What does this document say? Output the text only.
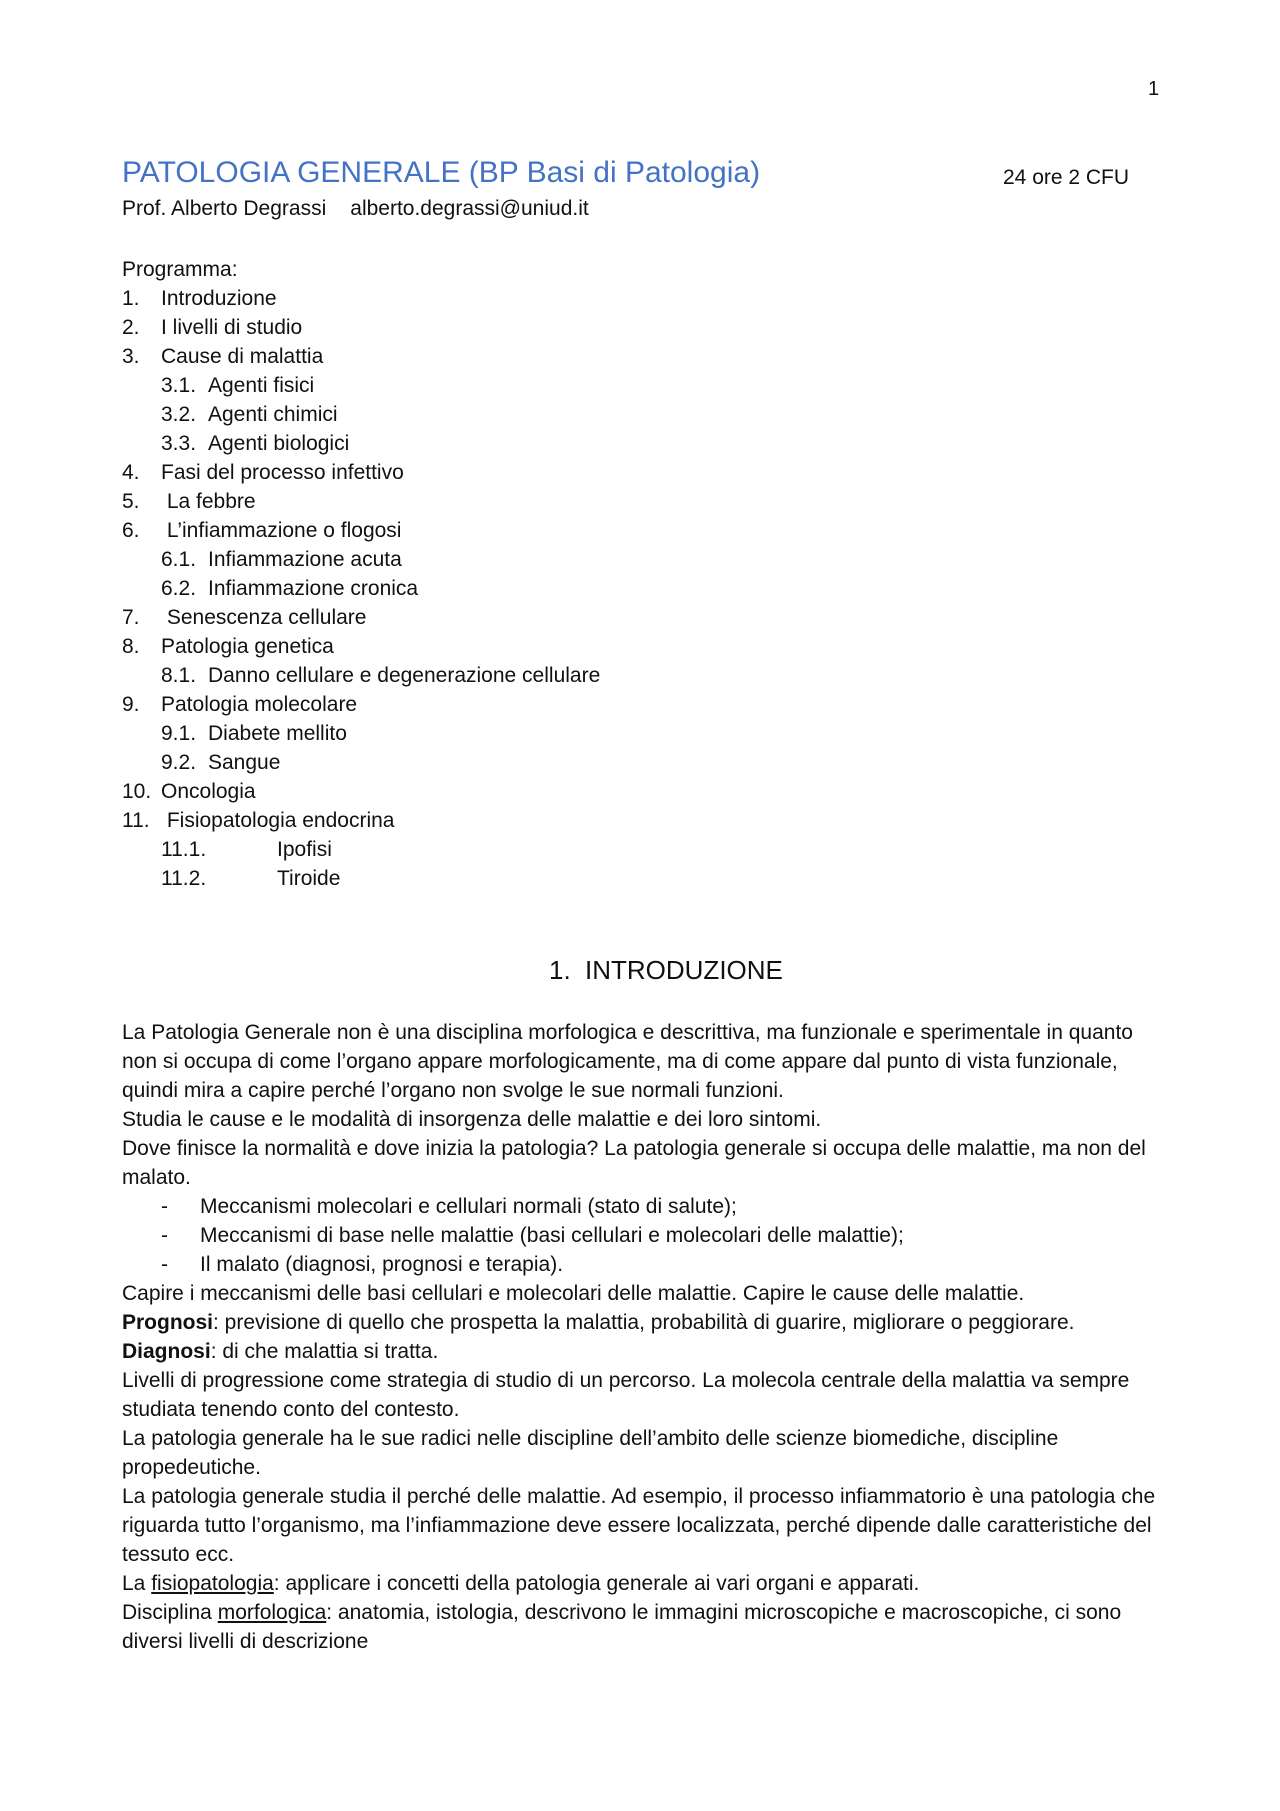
1
PATOLOGIA GENERALE (BP Basi di Patologia)	24 ore 2 CFU
Prof. Alberto Degrassi alberto.degrassi@uniud.it
Programma:
1.	Introduzione
2.	I livelli di studio
3.	Cause di malattia
3.1. Agenti fisici
3.2. Agenti chimici
3.3. Agenti biologici
4.	Fasi del processo infettivo
5.	La febbre
6.	L’infiammazione o flogosi
6.1. Infiammazione acuta
6.2. Infiammazione cronica
7.	Senescenza cellulare
8.	Patologia genetica
8.1. Danno cellulare e degenerazione cellulare
9.	Patologia molecolare
9.1. Diabete mellito
9.2. Sangue
10. Oncologia
11. Fisiopatologia endocrina
11.1.	Ipofisi
11.2.	Tiroide
1. INTRODUZIONE

La Patologia Generale non è una disciplina morfologica e descrittiva, ma funzionale e sperimentale in quanto non si occupa di come l’organo appare morfologicamente, ma di come appare dal punto di vista funzionale, quindi mira a capire perché l’organo non svolge le sue normali funzioni.

Studia le cause e le modalità di insorgenza delle malattie e dei loro sintomi.

Dove finisce la normalità e dove inizia la patologia? La patologia generale si occupa delle malattie, ma non del malato.

-	Meccanismi molecolari e cellulari normali (stato di salute);
-	Meccanismi di base nelle malattie (basi cellulari e molecolari delle malattie);
-	Il malato (diagnosi, prognosi e terapia).

Capire i meccanismi delle basi cellulari e molecolari delle malattie. Capire le cause delle malattie.

Prognosi: previsione di quello che prospetta la malattia, probabilità di guarire, migliorare o peggiorare.

Diagnosi: di che malattia si tratta.

Livelli di progressione come strategia di studio di un percorso. La molecola centrale della malattia va sempre studiata tenendo conto del contesto.

La patologia generale ha le sue radici nelle discipline dell’ambito delle scienze biomediche, discipline propedeutiche.

La patologia generale studia il perché delle malattie. Ad esempio, il processo infiammatorio è una patologia che riguarda tutto l’organismo, ma l’infiammazione deve essere localizzata, perché dipende dalle caratteristiche del tessuto ecc.

La fisiopatologia: applicare i concetti della patologia generale ai vari organi e apparati.

Disciplina morfologica: anatomia, istologia, descrivono le immagini microscopiche e macroscopiche, ci sono diversi livelli di descrizione
